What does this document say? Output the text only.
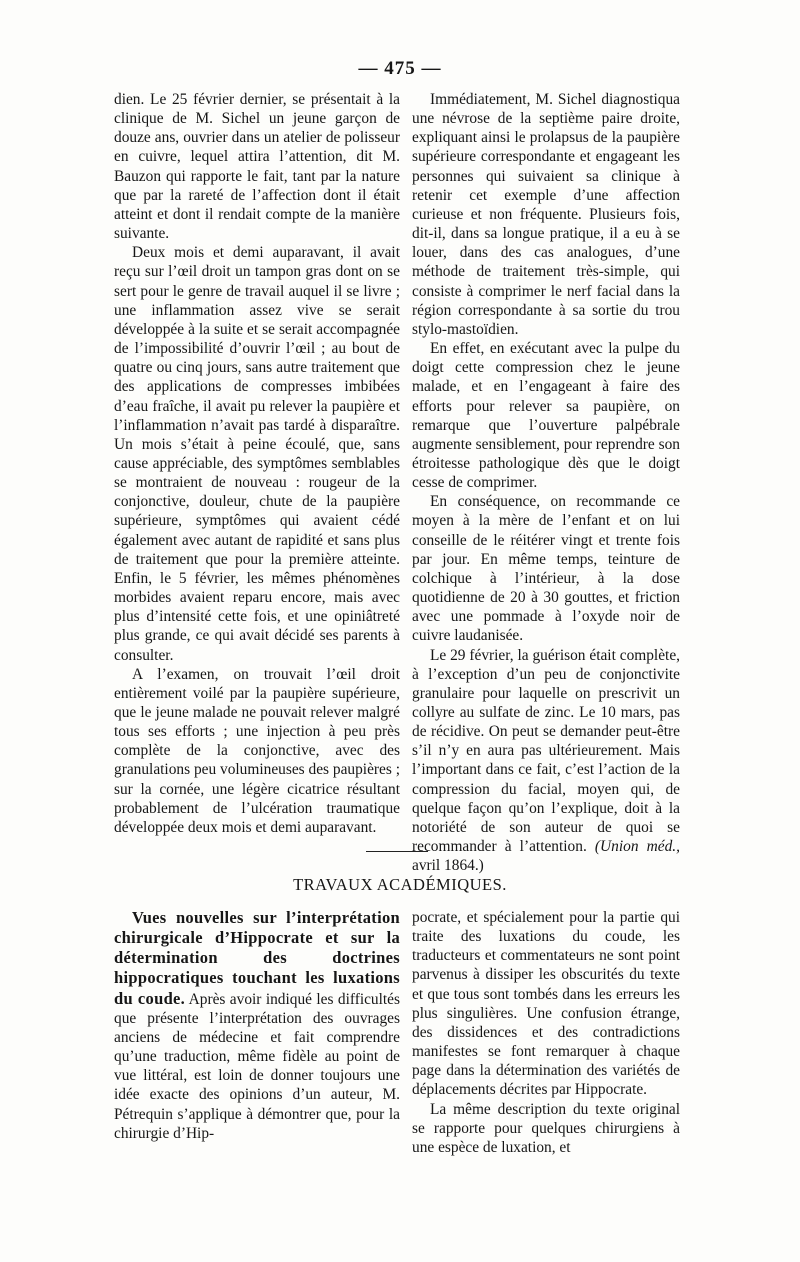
— 475 —

dien. Le 25 février dernier, se présentait à la clinique de M. Sichel un jeune garçon de douze ans, ouvrier dans un atelier de polisseur en cuivre, lequel attira l’attention, dit M. Bauzon qui rapporte le fait, tant par la nature que par la rareté de l’affection dont il était atteint et dont il rendait compte de la manière suivante.

Deux mois et demi auparavant, il avait reçu sur l’œil droit un tampon gras dont on se sert pour le genre de travail auquel il se livre ; une inflammation assez vive se serait développée à la suite et se serait accompagnée de l’impossibilité d’ouvrir l’œil ; au bout de quatre ou cinq jours, sans autre traitement que des applications de compresses imbibées d’eau fraîche, il avait pu relever la paupière et l’inflammation n’avait pas tardé à disparaître. Un mois s’était à peine écoulé, que, sans cause appréciable, des symptômes semblables se montraient de nouveau : rougeur de la conjonctive, douleur, chute de la paupière supérieure, symptômes qui avaient cédé également avec autant de rapidité et sans plus de traitement que pour la première atteinte. Enfin, le 5 février, les mêmes phénomènes morbides avaient reparu encore, mais avec plus d’intensité cette fois, et une opiniâtreté plus grande, ce qui avait décidé ses parents à consulter.

A l’examen, on trouvait l’œil droit entièrement voilé par la paupière supérieure, que le jeune malade ne pouvait relever malgré tous ses efforts ; une injection à peu près complète de la conjonctive, avec des granulations peu volumineuses des paupières ; sur la cornée, une légère cicatrice résultant probablement de l’ulcération traumatique développée deux mois et demi auparavant.

Immédiatement, M. Sichel diagnostiqua une névrose de la septième paire droite, expliquant ainsi le prolapsus de la paupière supérieure correspondante et engageant les personnes qui suivaient sa clinique à retenir cet exemple d’une affection curieuse et non fréquente. Plusieurs fois, dit-il, dans sa longue pratique, il a eu à se louer, dans des cas analogues, d’une méthode de traitement très-simple, qui consiste à comprimer le nerf facial dans la région correspondante à sa sortie du trou stylo-mastoïdien.

En effet, en exécutant avec la pulpe du doigt cette compression chez le jeune malade, et en l’engageant à faire des efforts pour relever sa paupière, on remarque que l’ouverture palpébrale augmente sensiblement, pour reprendre son étroitesse pathologique dès que le doigt cesse de comprimer.

En conséquence, on recommande ce moyen à la mère de l’enfant et on lui conseille de le réitérer vingt et trente fois par jour. En même temps, teinture de colchique à l’intérieur, à la dose quotidienne de 20 à 30 gouttes, et friction avec une pommade à l’oxyde noir de cuivre laudanisée.

Le 29 février, la guérison était complète, à l’exception d’un peu de conjonctivite granulaire pour laquelle on prescrivit un collyre au sulfate de zinc. Le 10 mars, pas de récidive. On peut se demander peut-être s’il n’y en aura pas ultérieurement. Mais l’important dans ce fait, c’est l’action de la compression du facial, moyen qui, de quelque façon qu’on l’explique, doit à la notoriété de son auteur de quoi se recommander à l’attention. (Union méd., avril 1864.)

TRAVAUX ACADÉMIQUES.

Vues nouvelles sur l’interprétation chirurgicale d’Hippocrate et sur la détermination des doctrines hippocratiques touchant les luxations du coude. Après avoir indiqué les difficultés que présente l’interprétation des ouvrages anciens de médecine et fait comprendre qu’une traduction, même fidèle au point de vue littéral, est loin de donner toujours une idée exacte des opinions d’un auteur, M. Pétrequin s’applique à démontrer que, pour la chirurgie d’Hip-

pocrate, et spécialement pour la partie qui traite des luxations du coude, les traducteurs et commentateurs ne sont point parvenus à dissiper les obscurités du texte et que tous sont tombés dans les erreurs les plus singulières. Une confusion étrange, des dissidences et des contradictions manifestes se font remarquer à chaque page dans la détermination des variétés de déplacements décrites par Hippocrate.

La même description du texte original se rapporte pour quelques chirurgiens à une espèce de luxation, et
